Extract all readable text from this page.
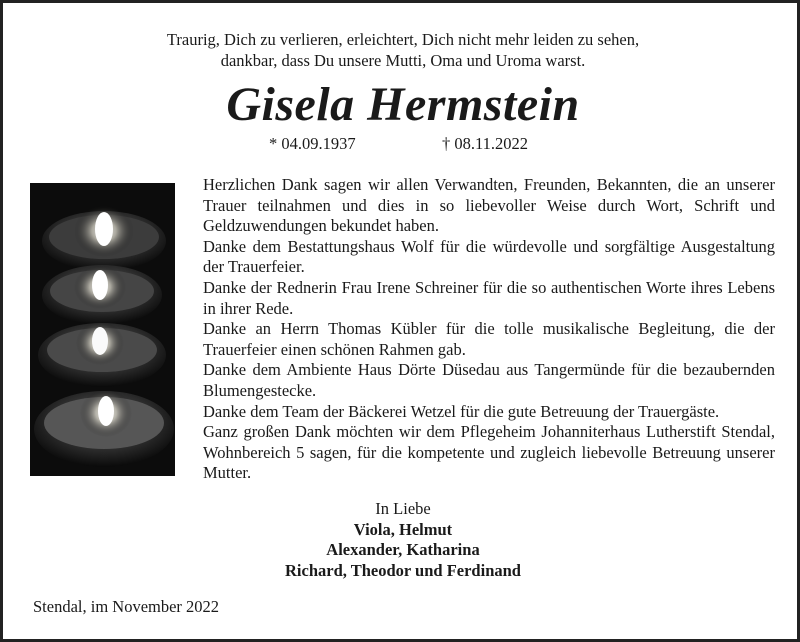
Traurig, Dich zu verlieren, erleichtert, Dich nicht mehr leiden zu sehen,
dankbar, dass Du unsere Mutti, Oma und Uroma warst.
Gisela Hermstein
* 04.09.1937	† 08.11.2022

Herzlichen Dank sagen wir allen Verwandten, Freunden, Bekannten, die an unserer Trauer teilnahmen und dies in so liebevoller Weise durch Wort, Schrift und Geldzuwendungen bekundet haben.

Danke dem Bestattungshaus Wolf für die würdevolle und sorgfältige Ausgestaltung der Trauerfeier.

Danke der Rednerin Frau Irene Schreiner für die so authentischen Worte ihres Lebens in ihrer Rede.

Danke an Herrn Thomas Kübler für die tolle musikalische Begleitung, die der Trauerfeier einen schönen Rahmen gab.

Danke dem Ambiente Haus Dörte Düsedau aus Tangermünde für die bezaubernden Blumengestecke.

Danke dem Team der Bäckerei Wetzel für die gute Betreuung der Trauergäste.

Ganz großen Dank möchten wir dem Pflegeheim Johanniterhaus Lutherstift Stendal, Wohnbereich 5 sagen, für die kompetente und zugleich liebevolle Betreuung unserer Mutter.

In Liebe
Viola, Helmut
Alexander, Katharina
Richard, Theodor und Ferdinand
Stendal, im November 2022
